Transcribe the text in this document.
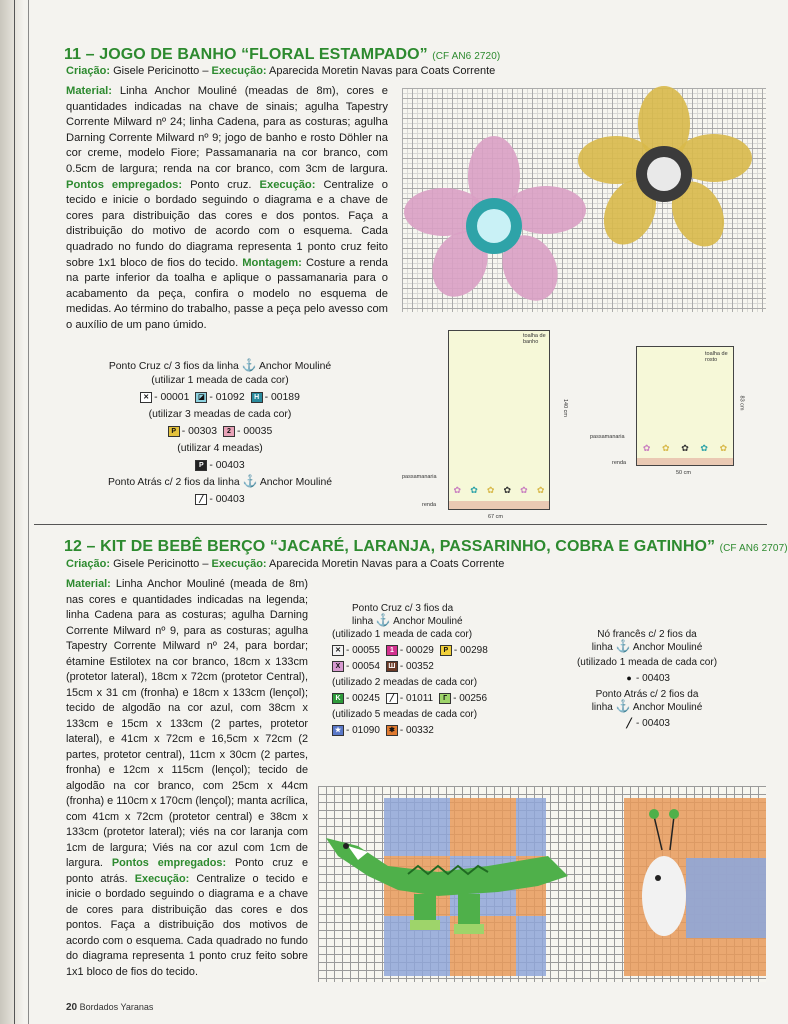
11 – JOGO DE BANHO “FLORAL ESTAMPADO” (CF AN6 2720)
Criação: Gisele Pericinotto – Execução: Aparecida Moretin Navas para Coats Corrente
Material: Linha Anchor Mouliné (meadas de 8m), cores e quantidades indicadas na chave de sinais; agulha Tapestry Corrente Milward nº 24; linha Cadena, para as costuras; agulha Darning Corrente Milward nº 9; jogo de banho e rosto Döhler na cor creme, modelo Fiore; Passamanaria na cor branco, com 0.5cm de largura; renda na cor branco, com 3cm de largura. Pontos empregados: Ponto cruz. Execução: Centralize o tecido e inicie o bordado seguindo o diagrama e a chave de cores para distribuição das cores e dos pontos. Faça a distribuição do motivo de acordo com o esquema. Cada quadrado no fundo do diagrama representa 1 ponto cruz feito sobre 1x1 bloco de fios do tecido. Montagem: Costure a renda na parte inferior da toalha e aplique o passamanaria para o acabamento da peça, confira o modelo no esquema de medidas. Ao término do trabalho, passe a peça pelo avesso com o auxílio de um pano úmido.
Ponto Cruz c/ 3 fios da linha ⚓ Anchor Mouliné
(utilizar 1 meada de cada cor)
✕ - 00001	◪ - 01092	H - 00189
(utilizar 3 meadas de cada cor)
P - 00303	2 - 00035
(utilizar 4 meadas)
P - 00403
Ponto Atrás c/ 2 fios da linha ⚓ Anchor Mouliné
╱ - 00403
toalha de banho
✿ ✿ ✿ ✿ ✿ ✿
passamanaria
renda
67 cm
140 cm
toalha de rosto
✿ ✿ ✿ ✿ ✿
passamanaria
renda
50 cm
83 cm
12 – KIT DE BEBÊ BERÇO “JACARÉ, LARANJA, PASSARINHO, COBRA E GATINHO” (CF AN6 2707)
Criação: Gisele Pericinotto – Execução: Aparecida Moretin Navas para a Coats Corrente
Material: Linha Anchor Mouliné (meada de 8m) nas cores e quantidades indicadas na legenda; linha Cadena para as costuras; agulha Darning Corrente Milward nº 9, para as costuras; agulha Tapestry Corrente Milward nº 24, para bordar; étamine Estilotex na cor branco, 18cm x 133cm (protetor lateral), 18cm x 72cm (protetor Central), 15cm x 31 cm (fronha) e 18cm x 133cm (lençol); tecido de algodão na cor azul, com 38cm x 133cm e 15cm x 133cm (2 partes, protetor lateral), e 41cm x 72cm e 16,5cm x 72cm (2 partes, protetor central), 11cm x 30cm (2 partes, fronha) e 12cm x 115cm (lençol); tecido de algodão na cor branco, com 25cm x 44cm (fronha) e 110cm x 170cm (lençol); manta acrílica, com 41cm x 72cm (protetor central) e 38cm x 133cm (protetor lateral); viés na cor laranja com 1cm de largura; Viés na cor azul com 1cm de largura. Pontos empregados: Ponto cruz e ponto atrás. Execução: Centralize o tecido e inicie o bordado seguindo o diagrama e a chave de cores para distribuição das cores e dos pontos. Faça a distribuição dos motivos de acordo com o esquema. Cada quadrado no fundo do diagrama representa 1 ponto cruz feito sobre 1x1 bloco de fios do tecido.
Ponto Cruz c/ 3 fios da
linha ⚓ Anchor Mouliné
(utilizado 1 meada de cada cor)
✕ - 00055	1 - 00029	P - 00298
X - 00054	Ш - 00352
(utilizado 2 meadas de cada cor)
K - 00245	╱ - 01011	Г - 00256
(utilizado 5 meadas de cada cor)
★ - 01090	✱ - 00332
Nó francês c/ 2 fios da
linha ⚓ Anchor Mouliné
(utilizado 1 meada de cada cor)
● - 00403
Ponto Atrás c/ 2 fios da
linha ⚓ Anchor Mouliné
╱ - 00403
20 Bordados Yaranas
